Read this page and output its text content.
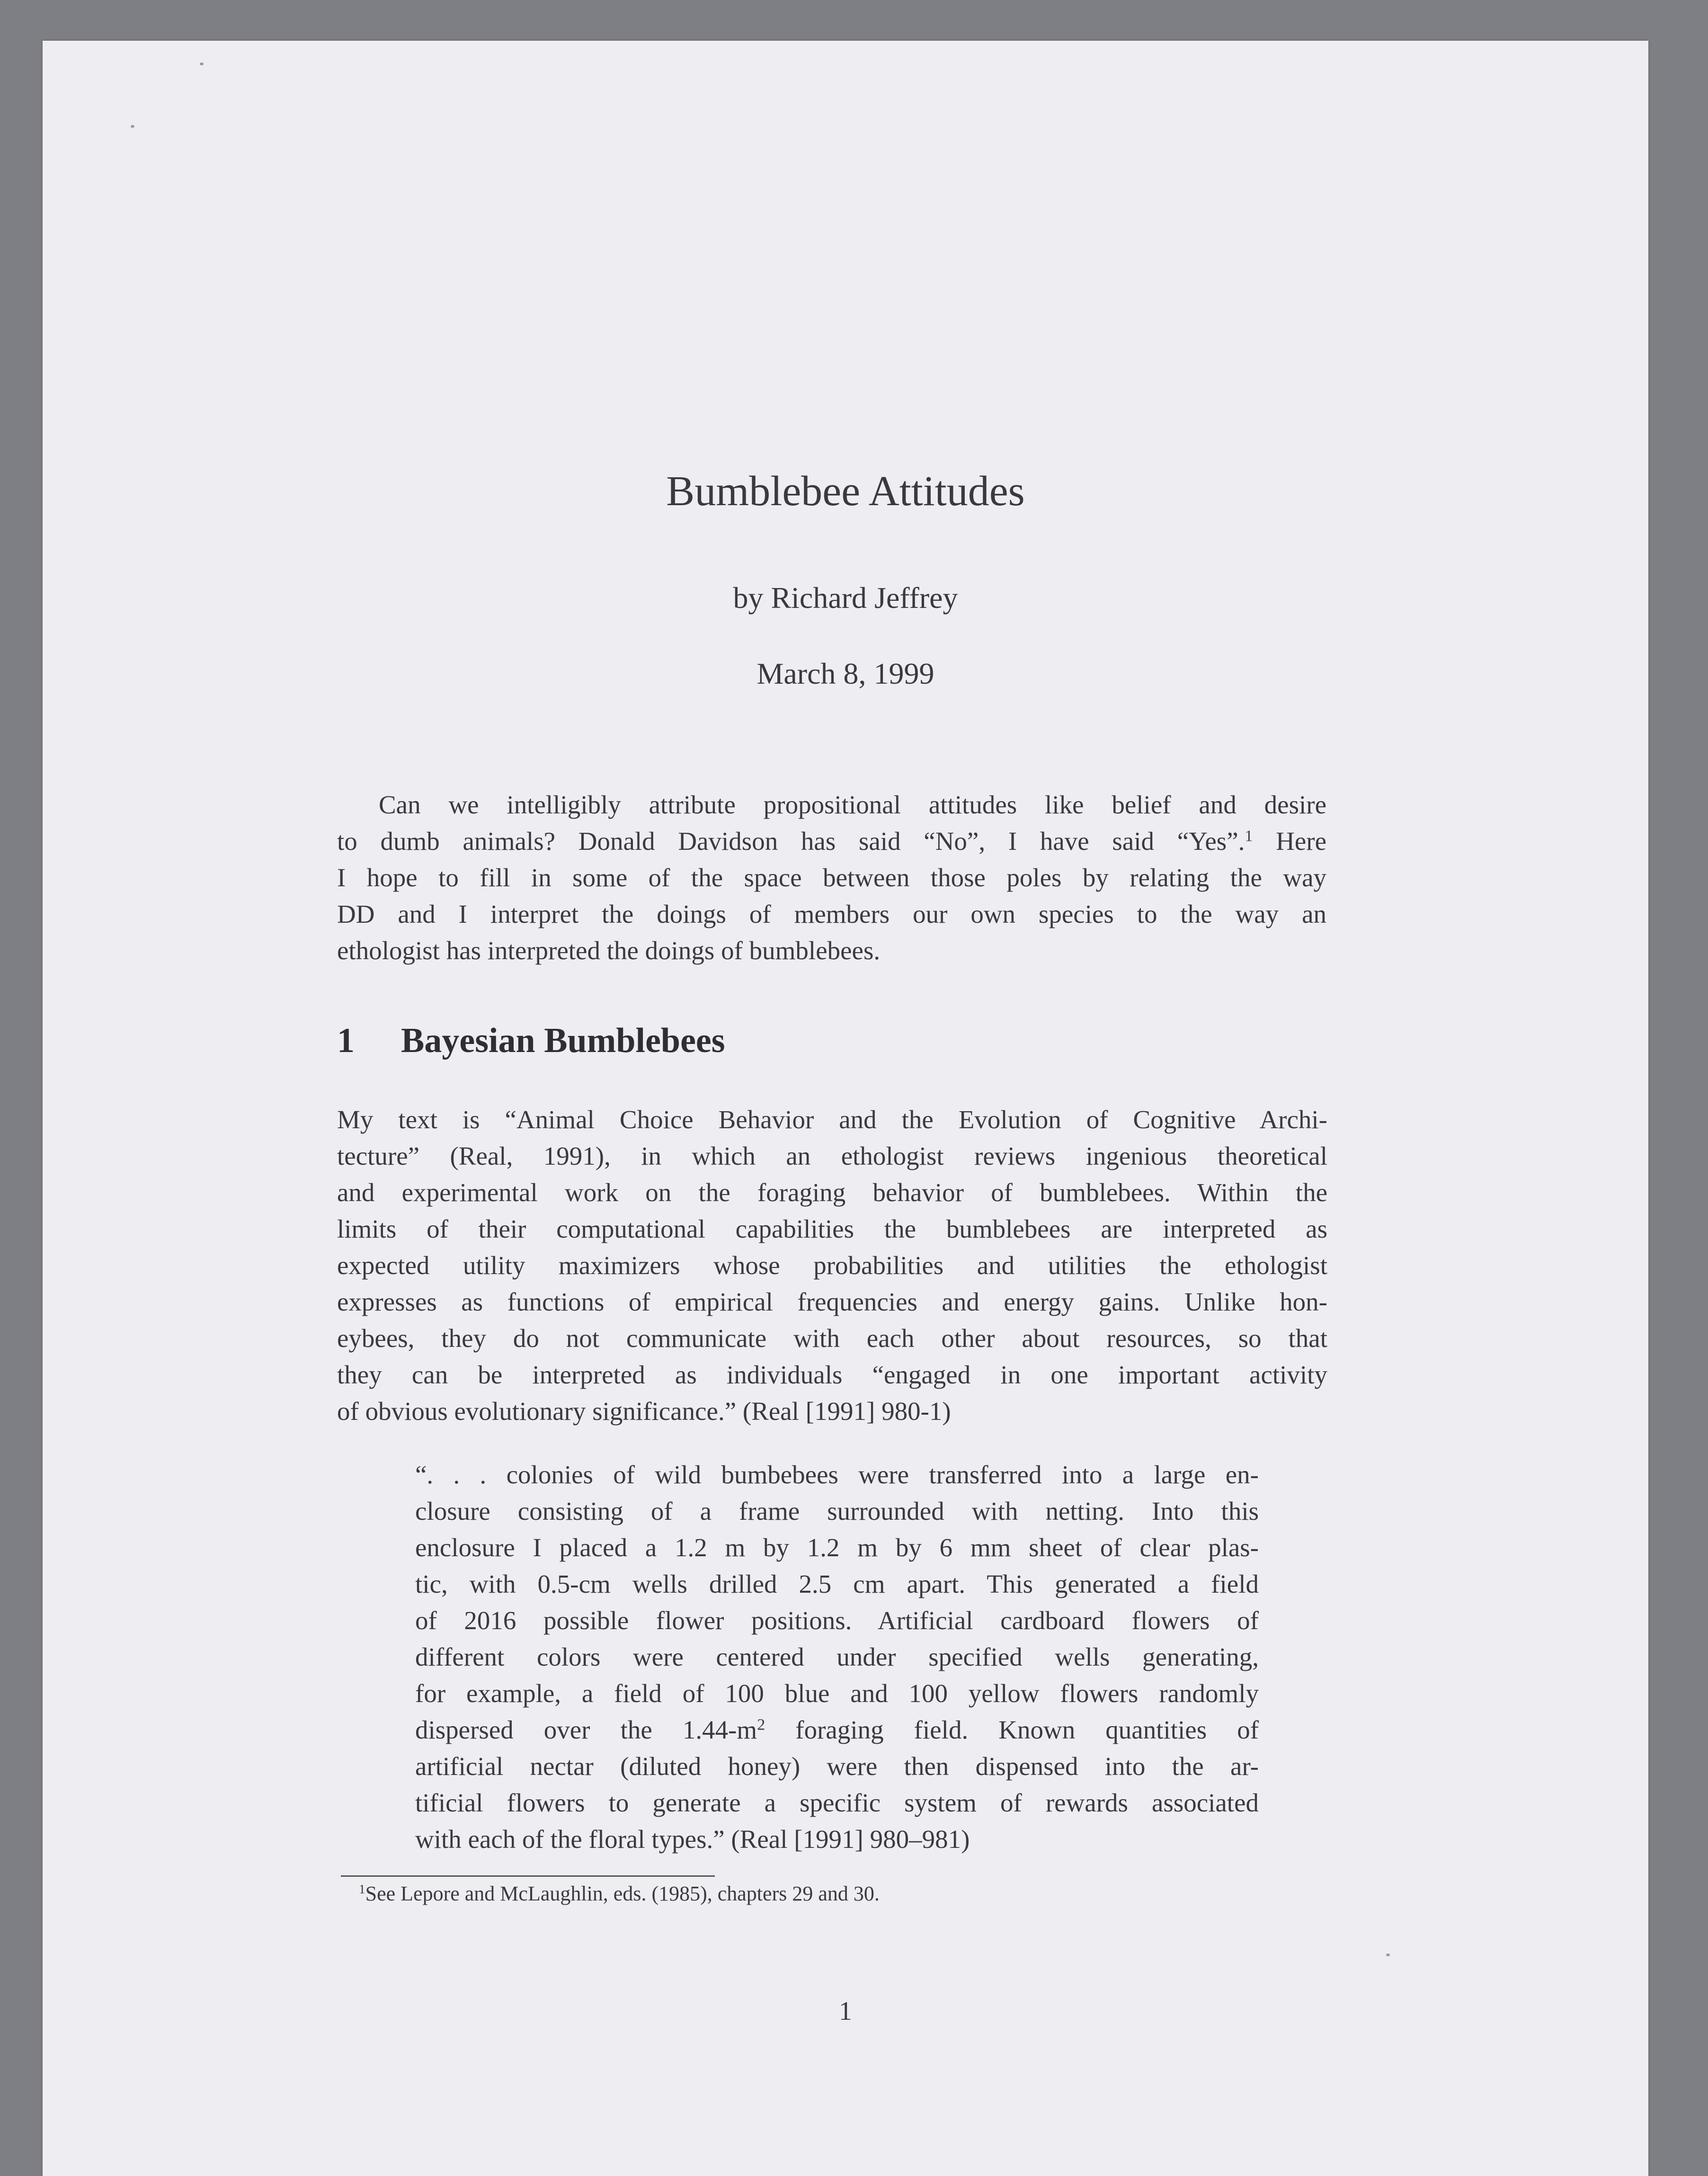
Bumblebee Attitudes
by Richard Jeffrey
March 8, 1999

Can we intelligibly attribute propositional attitudes like belief and desire
to dumb animals? Donald Davidson has said “No”, I have said “Yes”.$^1$ Here
I hope to fill in some of the space between those poles by relating the way
DD and I interpret the doings of members our own species to the way an
ethologist has interpreted the doings of bumblebees.

1 Bayesian Bumblebees

My text is “Animal Choice Behavior and the Evolution of Cognitive Archi-
tecture” (Real, 1991), in which an ethologist reviews ingenious theoretical
and experimental work on the foraging behavior of bumblebees. Within the
limits of their computational capabilities the bumblebees are interpreted as
expected utility maximizers whose probabilities and utilities the ethologist
expresses as functions of empirical frequencies and energy gains. Unlike hon-
eybees, they do not communicate with each other about resources, so that
they can be interpreted as individuals “engaged in one important activity
of obvious evolutionary significance.” (Real [1991] 980-1)

“. . . colonies of wild bumbebees were transferred into a large en-
closure consisting of a frame surrounded with netting. Into this
enclosure I placed a 1.2 m by 1.2 m by 6 mm sheet of clear plas-
tic, with 0.5-cm wells drilled 2.5 cm apart. This generated a field
of 2016 possible flower positions. Artificial cardboard flowers of
different colors were centered under specified wells generating,
for example, a field of 100 blue and 100 yellow flowers randomly
dispersed over the $1.44-m^2$ foraging field. Known quantities of
artificial nectar (diluted honey) were then dispensed into the ar-
tificial flowers to generate a specific system of rewards associated
with each of the floral types.” (Real [1991] 980–981)

$^1$See Lepore and McLaughlin, eds. (1985), chapters 29 and 30.
1
